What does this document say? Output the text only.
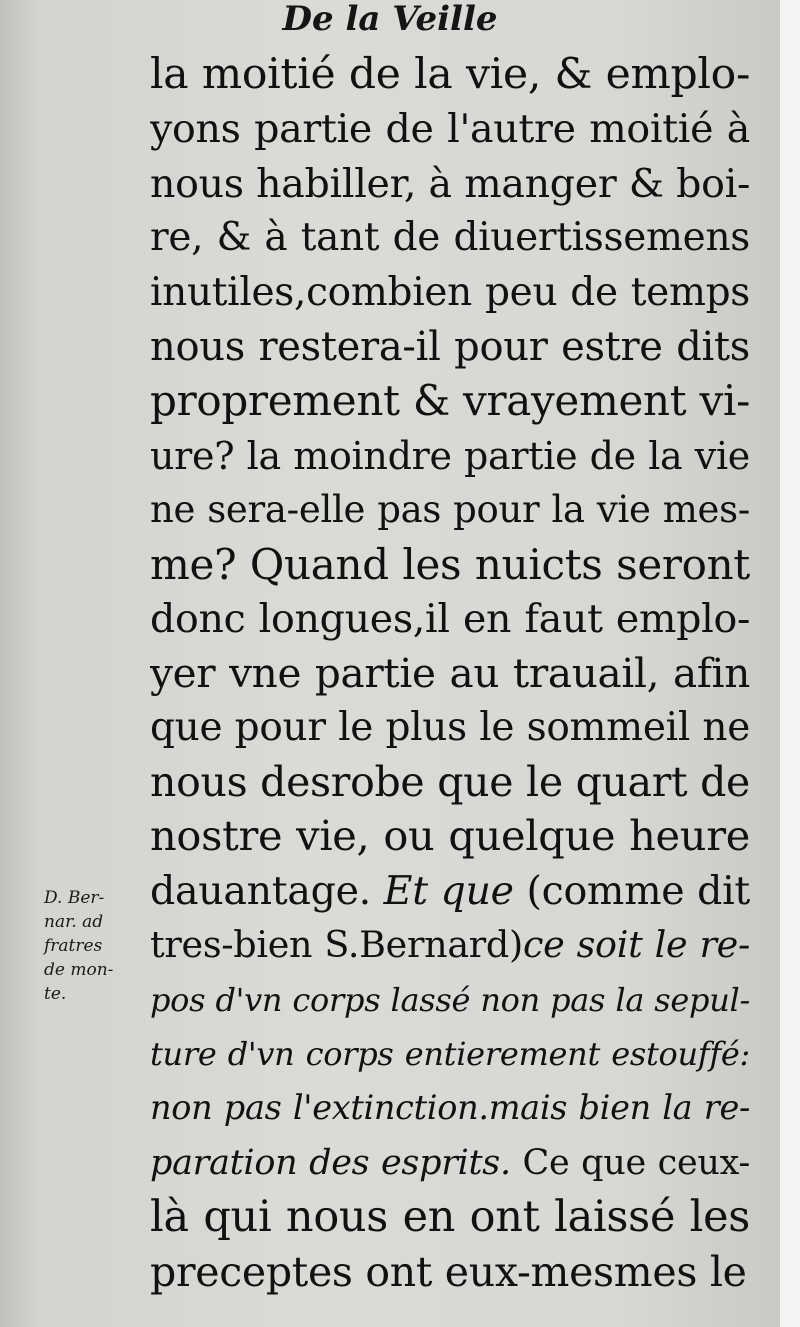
De la Veille
la moitié de la vie, & emplo-
yons partie de l'autre moitié à
nous habiller, à manger & boi-
re, & à tant de diuertissemens
inutiles,combien peu de temps
nous restera-il pour estre dits
proprement & vrayement vi-
ure? la moindre partie de la vie
ne sera-elle pas pour la vie mes-
me? Quand les nuicts seront
donc longues,il en faut emplo-
yer vne partie au trauail, afin
que pour le plus le sommeil ne
nous desrobe que le quart de
nostre vie, ou quelque heure
dauantage. Et que (comme dit
tres-bien S.Bernard)ce soit le re-
pos d'vn corps lassé non pas la sepul-
ture d'vn corps entierement estouffé:
non pas l'extinction.mais bien la re-
paration des esprits. Ce que ceux-
là qui nous en ont laissé les
preceptes ont eux-mesmes le
D. Ber-
nar. ad
fratres
de mon-
te.
